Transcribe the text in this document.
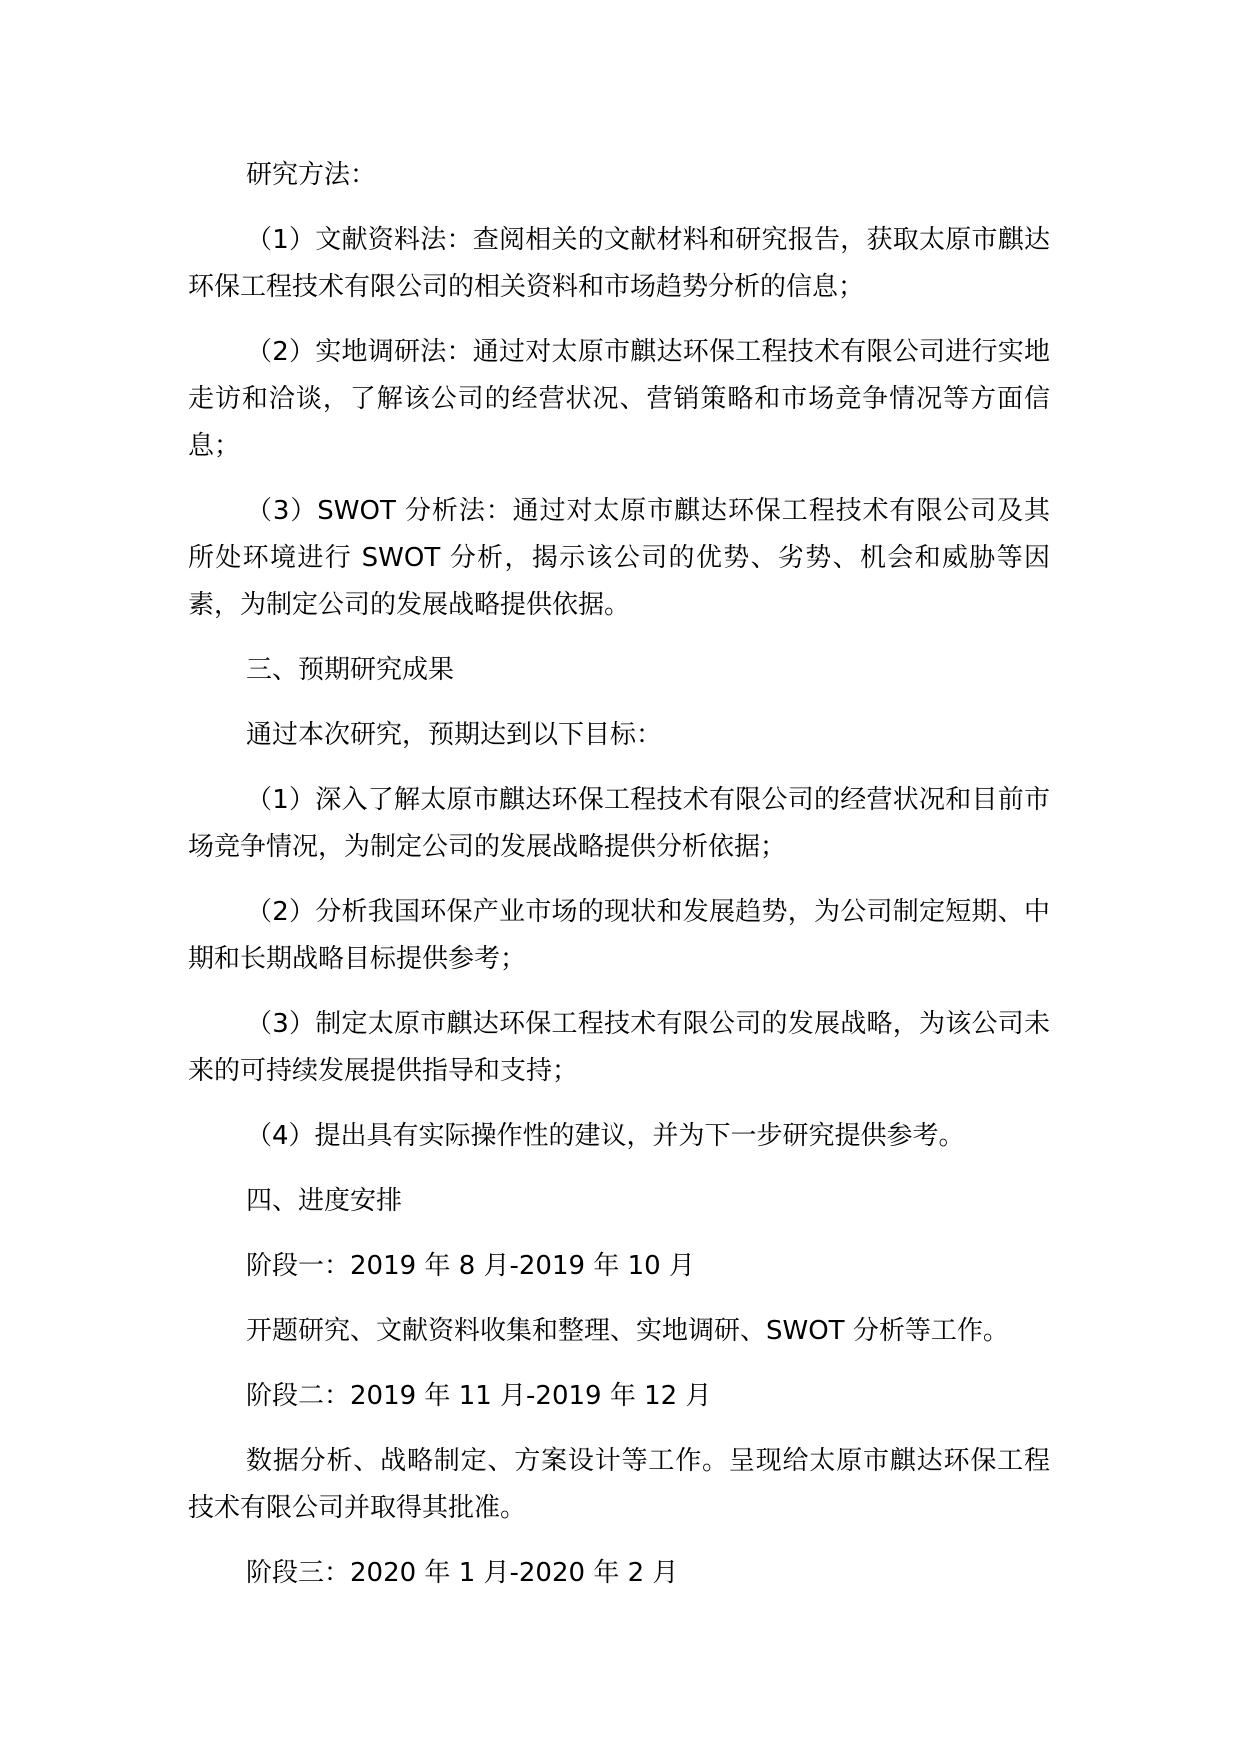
研究方法：

（1）文献资料法：查阅相关的文献材料和研究报告，获取太原市麒达环保工程技术有限公司的相关资料和市场趋势分析的信息；

（2）实地调研法：通过对太原市麒达环保工程技术有限公司进行实地走访和洽谈，了解该公司的经营状况、营销策略和市场竞争情况等方面信息；

（3）SWOT 分析法：通过对太原市麒达环保工程技术有限公司及其所处环境进行 SWOT 分析，揭示该公司的优势、劣势、机会和威胁等因素，为制定公司的发展战略提供依据。

三、预期研究成果

通过本次研究，预期达到以下目标：

（1）深入了解太原市麒达环保工程技术有限公司的经营状况和目前市场竞争情况，为制定公司的发展战略提供分析依据；

（2）分析我国环保产业市场的现状和发展趋势，为公司制定短期、中期和长期战略目标提供参考；

（3）制定太原市麒达环保工程技术有限公司的发展战略，为该公司未来的可持续发展提供指导和支持；

（4）提出具有实际操作性的建议，并为下一步研究提供参考。

四、进度安排

阶段一：2019 年 8 月-2019 年 10 月

开题研究、文献资料收集和整理、实地调研、SWOT 分析等工作。

阶段二：2019 年 11 月-2019 年 12 月

数据分析、战略制定、方案设计等工作。呈现给太原市麒达环保工程技术有限公司并取得其批准。

阶段三：2020 年 1 月-2020 年 2 月
